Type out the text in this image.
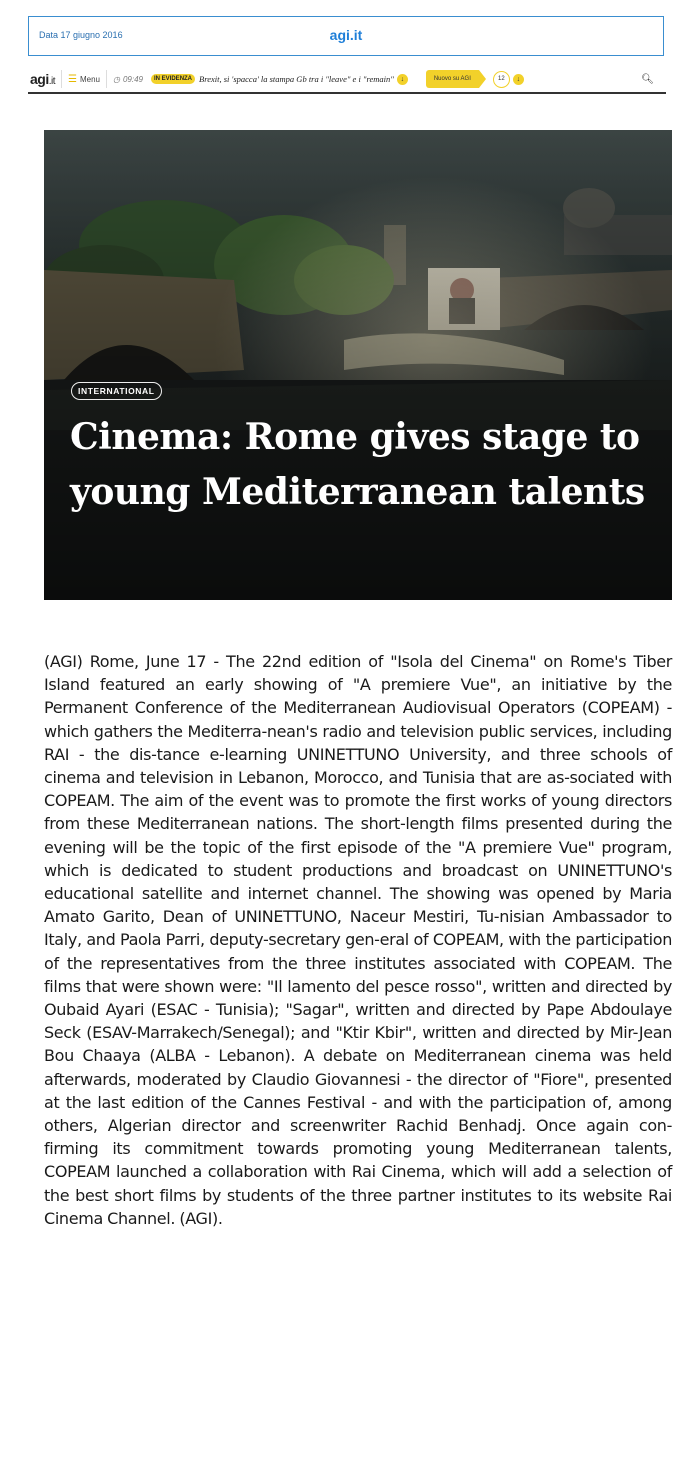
Data 17 giugno 2016	agi.it
agi.it ☰ Menu ◷ 09:49	IN EVIDENZA Brexit, si 'spacca' la stampa Gb tra i "leave" e i "remain" ↓	Nuovo su AGI	12	↓	🔍︎
INTERNATIONAL
Cinema: Rome gives stage to young Mediterranean talents
(AGI) Rome, June 17 - The 22nd edition of "Isola del Cinema" on Rome's Tiber Island featured an early showing of "A premiere Vue", an initiative by the Permanent Conference of the Mediterranean Audiovisual Operators (COPEAM) - which gathers the Mediterra-nean's radio and television public services, including RAI - the dis-tance e-learning UNINETTUNO University, and three schools of cinema and television in Lebanon, Morocco, and Tunisia that are as-sociated with COPEAM. The aim of the event was to promote the first works of young directors from these Mediterranean nations. The short-length films presented during the evening will be the topic of the first episode of the "A premiere Vue" program, which is dedicated to student productions and broadcast on UNINETTUNO's educational satellite and internet channel. The showing was opened by Maria Amato Garito, Dean of UNINETTUNO, Naceur Mestiri, Tu-nisian Ambassador to Italy, and Paola Parri, deputy-secretary gen-eral of COPEAM, with the participation of the representatives from the three institutes associated with COPEAM. The films that were shown were: "Il lamento del pesce rosso", written and directed by Oubaid Ayari (ESAC - Tunisia); "Sagar", written and directed by Pape Abdoulaye Seck (ESAV-Marrakech/Senegal); and "Ktir Kbir", written and directed by Mir-Jean Bou Chaaya (ALBA - Lebanon). A debate on Mediterranean cinema was held afterwards, moderated by Claudio Giovannesi - the director of "Fiore", presented at the last edition of the Cannes Festival - and with the participation of, among others, Algerian director and screenwriter Rachid Benhadj. Once again con-firming its commitment towards promoting young Mediterranean talents, COPEAM launched a collaboration with Rai Cinema, which will add a selection of the best short films by students of the three partner institutes to its website Rai Cinema Channel. (AGI).
